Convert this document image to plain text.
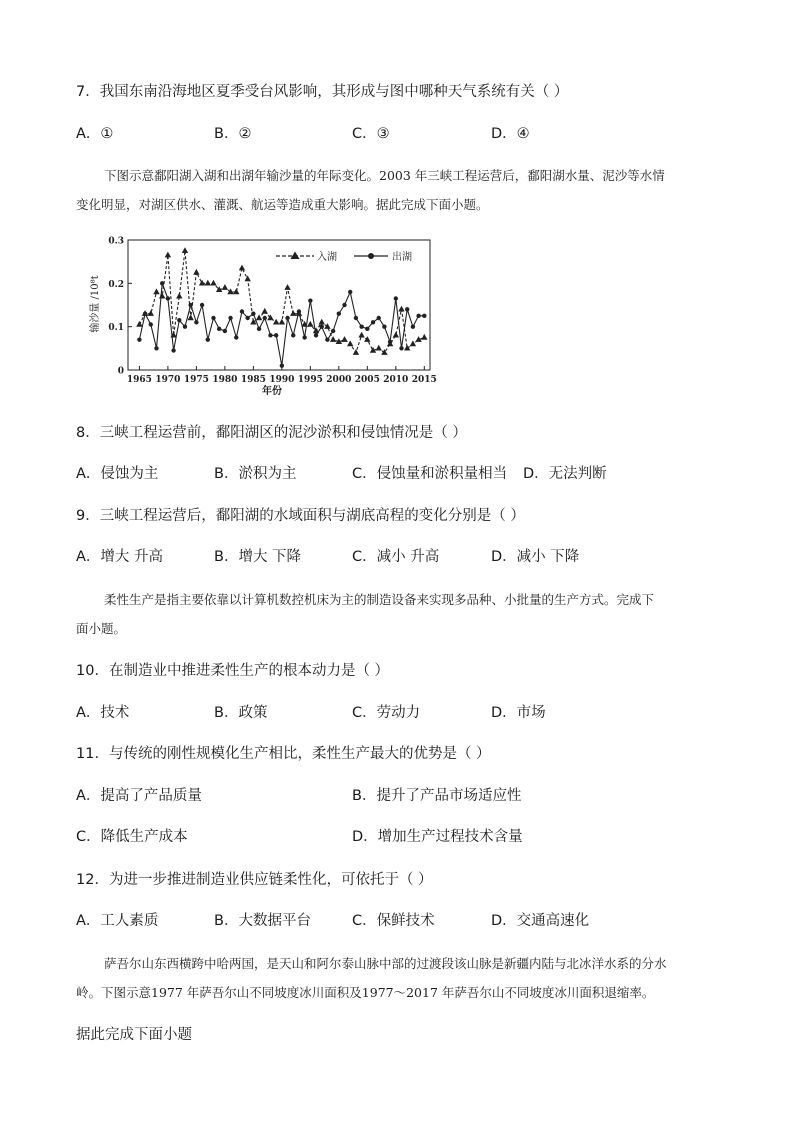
7．我国东南沿海地区夏季受台风影响，其形成与图中哪种天气系统有关（ ）
A．①	B．②	C．③	D．④
下图示意鄱阳湖入湖和出湖年输沙量的年际变化。2003 年三峡工程运营后，鄱阳湖水量、泥沙等水情
变化明显，对湖区供水、灌溉、航运等造成重大影响。据此完成下面小题。
0
0.1
0.2
0.3
1965 1970 1975 1980 1985 1990 1995 2000 2005 2010 2015
输沙量 /10⁸t
年份
入湖	出湖
8．三峡工程运营前，鄱阳湖区的泥沙淤积和侵蚀情况是（ ）
A．侵蚀为主	B．淤积为主	C．侵蚀量和淤积量相当 D．无法判断
9．三峡工程运营后，鄱阳湖的水域面积与湖底高程的变化分别是（ ）
A．增大 升高	B．增大 下降	C．减小 升高	D．减小 下降
柔性生产是指主要依靠以计算机数控机床为主的制造设备来实现多品种、小批量的生产方式。完成下
面小题。
10．在制造业中推进柔性生产的根本动力是（ ）
A．技术	B．政策	C．劳动力	D．市场
11．与传统的刚性规模化生产相比，柔性生产最大的优势是（ ）
A．提高了产品质量	B．提升了产品市场适应性
C．降低生产成本	D．增加生产过程技术含量
12．为进一步推进制造业供应链柔性化，可依托于（ ）
A．工人素质	B．大数据平台	C．保鲜技术	D．交通高速化
萨吾尔山东西横跨中哈两国，是天山和阿尔泰山脉中部的过渡段该山脉是新疆内陆与北冰洋水系的分水
岭。下图示意1977 年萨吾尔山不同坡度冰川面积及1977～2017 年萨吾尔山不同坡度冰川面积退缩率。
据此完成下面小题
